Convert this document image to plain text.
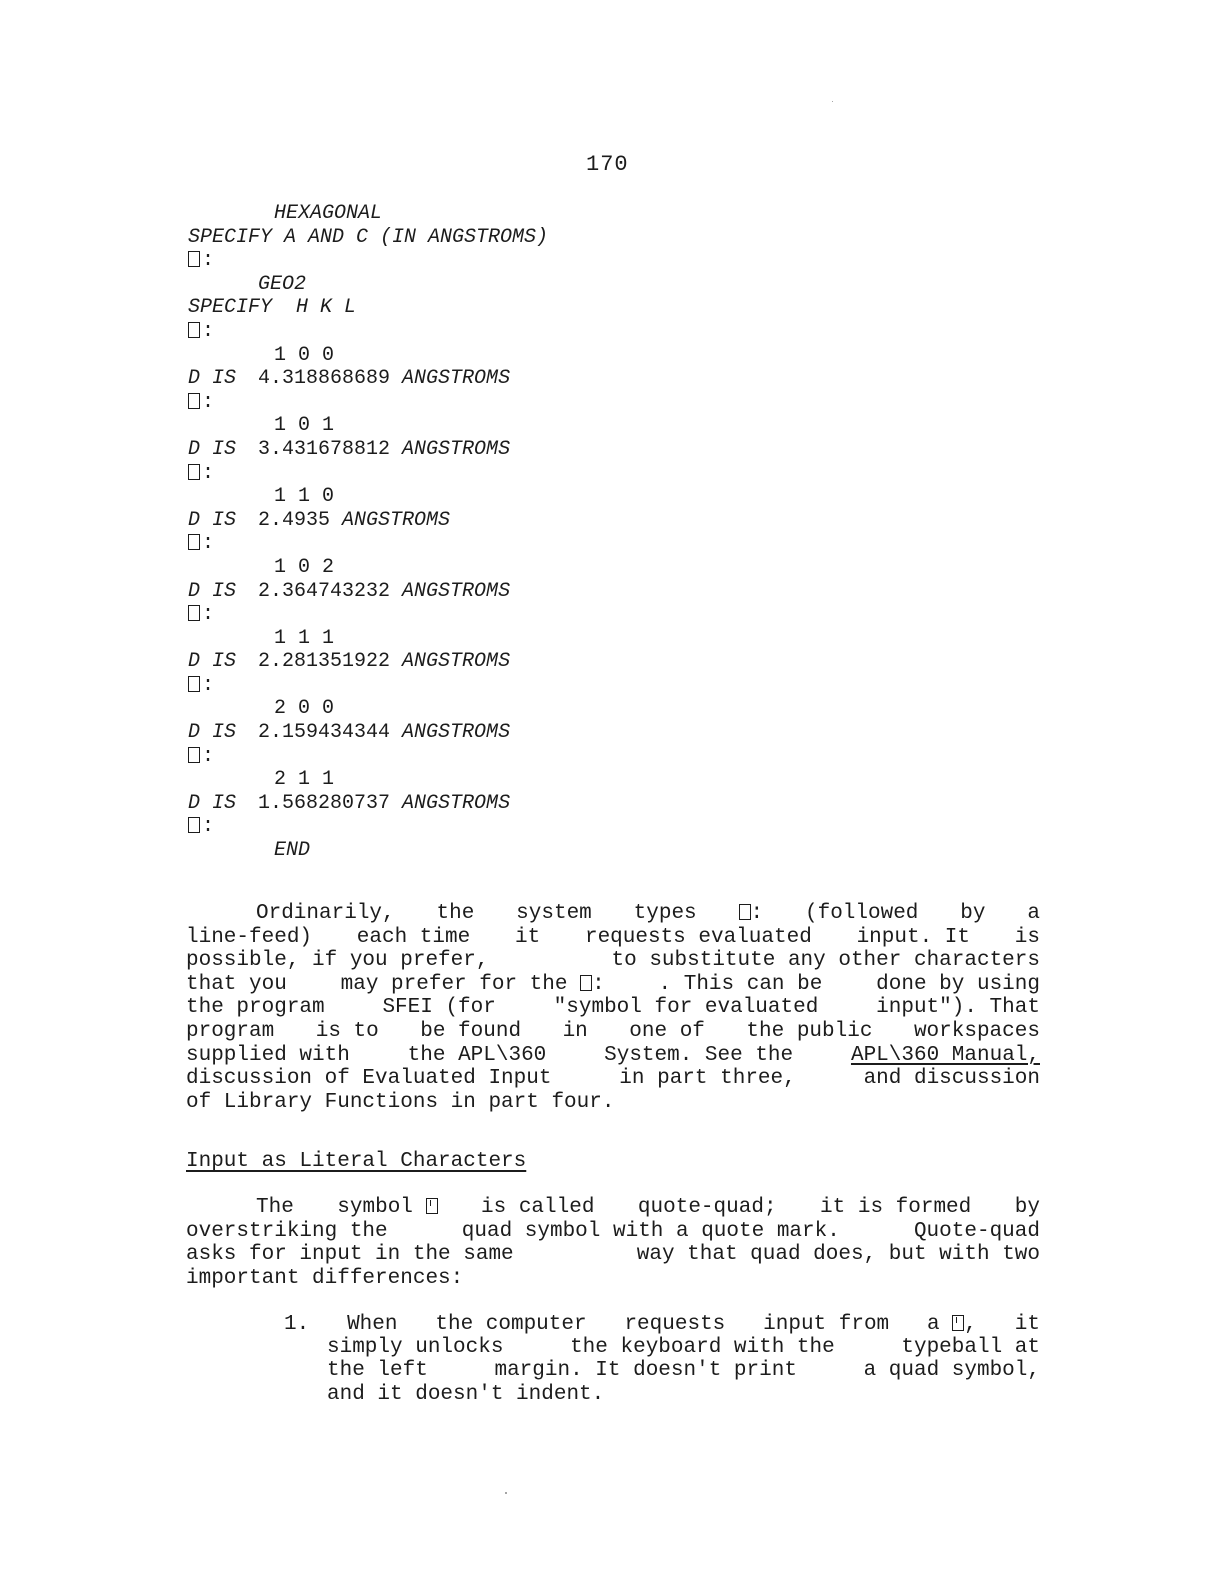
170
HEXAGONAL
SPECIFY A AND C (IN ANGSTROMS)
:
GEO2
SPECIFY  H K L
:
1 0 0
D IS 4.318868689 ANGSTROMS
:
1 0 1
D IS 3.431678812 ANGSTROMS
:
1 1 0
D IS 2.4935 ANGSTROMS
:
1 0 2
D IS 2.364743232 ANGSTROMS
:
1 1 1
D IS 2.281351922 ANGSTROMS
:
2 0 0
D IS 2.159434344 ANGSTROMS
:
2 1 1
D IS 1.568280737 ANGSTROMS
:
END
Ordinarily, the system types	: (followed by a
line-feed) each time it requests evaluated input. It is
possible, if you prefer,	to substitute any other characters
that you	may prefer for the :	. This can be	done by using
the program	SFEI (for	"symbol for evaluated	input"). That
program is to be found in one of the public workspaces
supplied with	the APL\360	System. See the	APL\360 Manual,
discussion of Evaluated Input	in part three,	and discussion
of Library Functions in part four.
Input as Literal Characters
The symbol	is called quote-quad; it is formed by
overstriking the	quad symbol with a quote mark.	Quote-quad
asks for input in the same	way that quad does, but with two
important differences:
1. When the computer requests input from a , it
simply unlocks	the keyboard with the	typeball at
the left	margin. It doesn't print	a quad symbol,
and it doesn't indent.
